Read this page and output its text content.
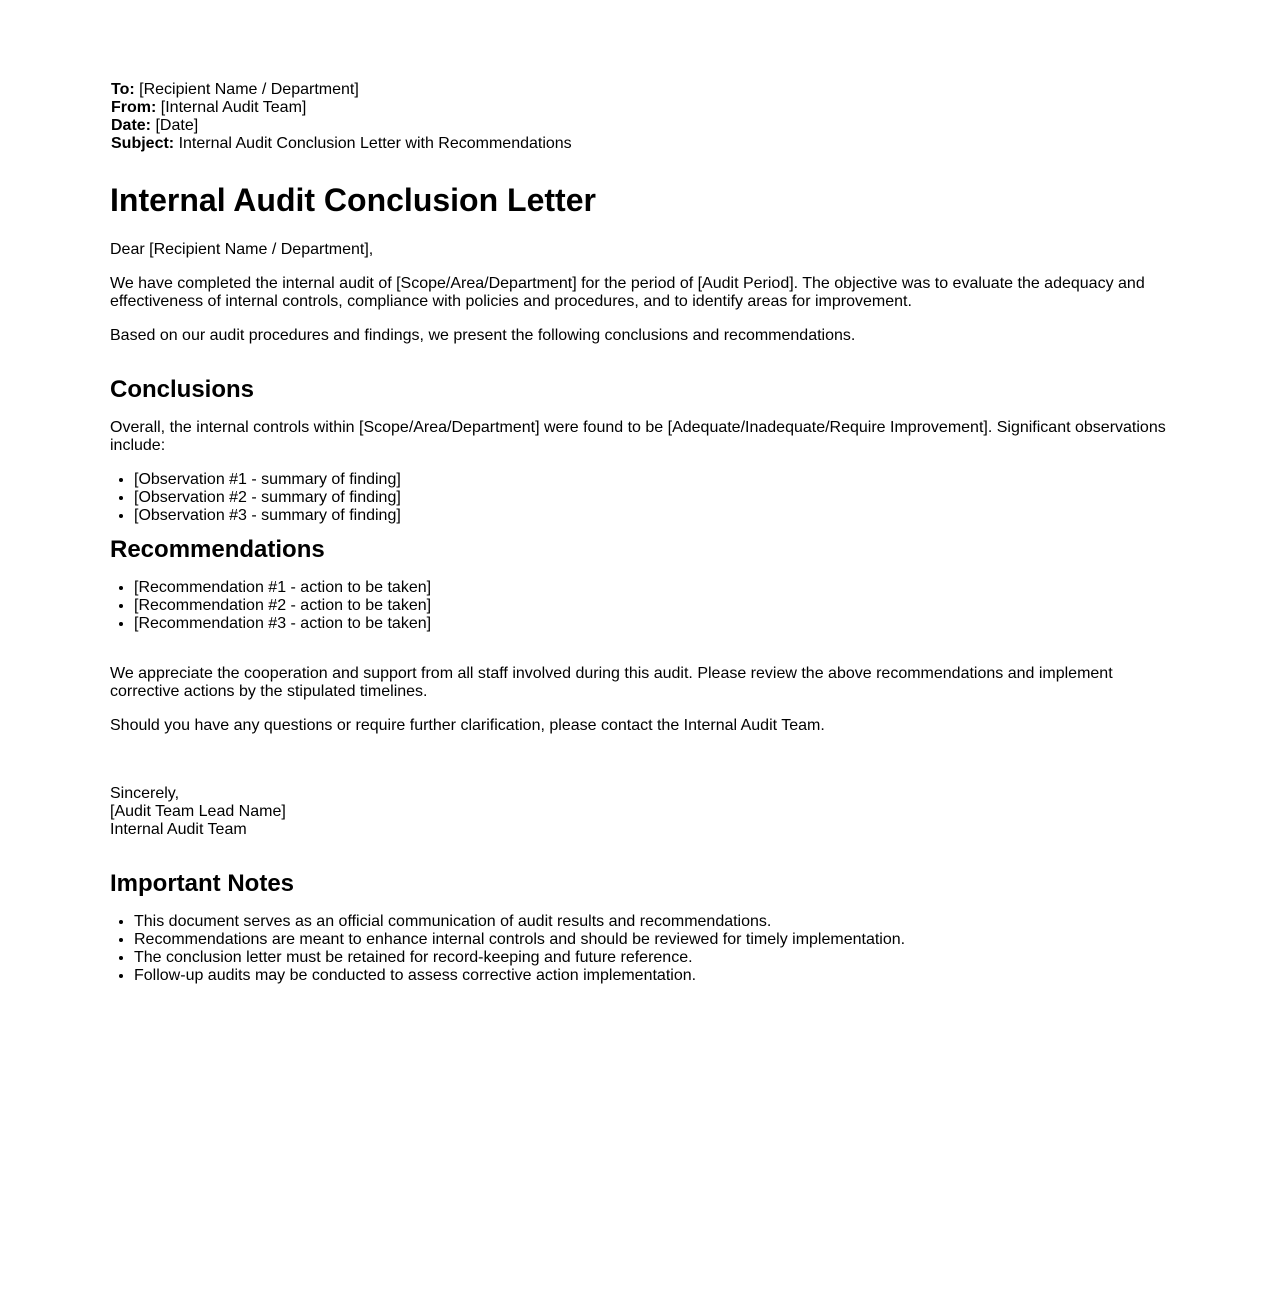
To: [Recipient Name / Department]
From: [Internal Audit Team]
Date: [Date]
Subject: Internal Audit Conclusion Letter with Recommendations
Internal Audit Conclusion Letter

Dear [Recipient Name / Department],

We have completed the internal audit of [Scope/Area/Department] for the period of [Audit Period]. The objective was to evaluate the adequacy and effectiveness of internal controls, compliance with policies and procedures, and to identify areas for improvement.

Based on our audit procedures and findings, we present the following conclusions and recommendations.

Conclusions

Overall, the internal controls within [Scope/Area/Department] were found to be [Adequate/Inadequate/Require Improvement]. Significant observations include:

• [Observation #1 - summary of finding]
• [Observation #2 - summary of finding]
• [Observation #3 - summary of finding]
Recommendations
• [Recommendation #1 - action to be taken]
• [Recommendation #2 - action to be taken]
• [Recommendation #3 - action to be taken]

We appreciate the cooperation and support from all staff involved during this audit. Please review the above recommendations and implement corrective actions by the stipulated timelines.

Should you have any questions or require further clarification, please contact the Internal Audit Team.

Sincerely,
[Audit Team Lead Name]
Internal Audit Team
Important Notes
• This document serves as an official communication of audit results and recommendations.
• Recommendations are meant to enhance internal controls and should be reviewed for timely implementation.
• The conclusion letter must be retained for record-keeping and future reference.
• Follow-up audits may be conducted to assess corrective action implementation.
